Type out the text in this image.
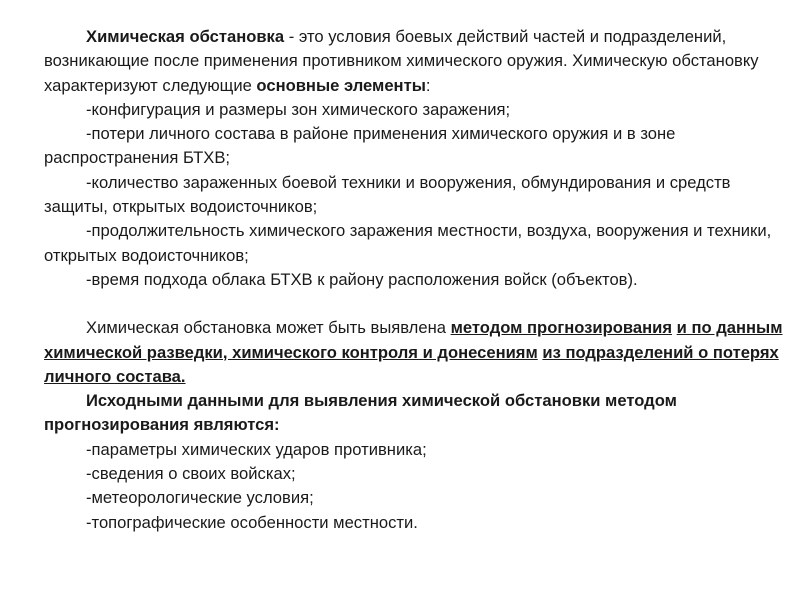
Химическая обстановка - это условия боевых действий частей и подразделений, возникающие после применения противником химического оружия. Химическую обстановку характеризуют следующие основные элементы:

-конфигурация и размеры зон химического заражения;

-потери личного состава в районе применения химического оружия и в зоне распространения БТХВ;

-количество зараженных боевой техники и вооружения, обмундирования и средств защиты, открытых водоисточников;

-продолжительность химического заражения местности, воздуха, вооружения и техники, открытых водоисточников;

-время подхода облака БТХВ к району расположения войск (объектов).

Химическая обстановка может быть выявлена методом прогнозирования и по данным химической разведки, химического контроля и донесениям из подразделений о потерях личного состава.

Исходными данными для выявления химической обстановки методом прогнозирования являются:

-параметры химических ударов противника;

-сведения о своих войсках;

-метеорологические условия;

-топографические особенности местности.
